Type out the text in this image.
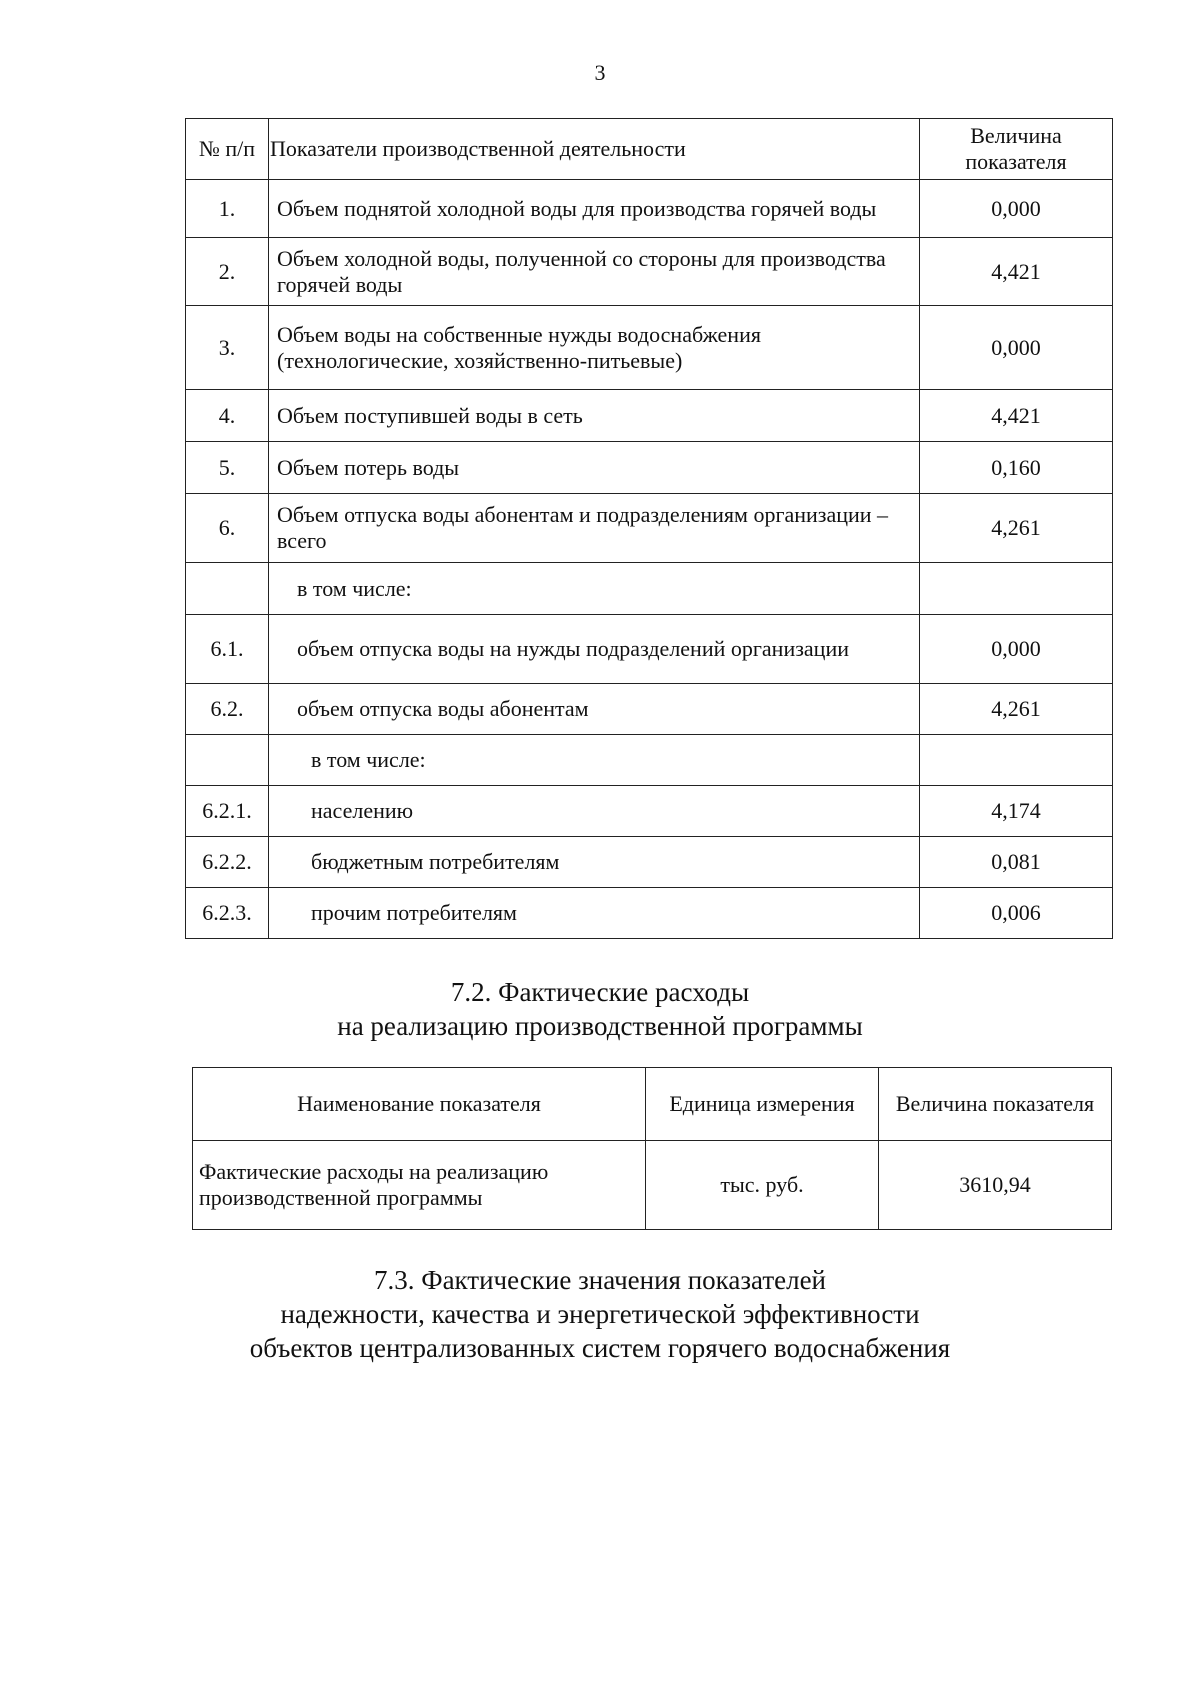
3
№ п/п	Показатели производственной деятельности	Величина показателя
1.	Объем поднятой холодной воды для производства горячей воды	0,000
2.	Объем холодной воды, полученной со стороны для производства горячей воды	4,421
3.	Объем воды на собственные нужды водоснабжения (технологические, хозяйственно-питьевые)	0,000
4.	Объем поступившей воды в сеть	4,421
5.	Объем потерь воды	0,160
6.	Объем отпуска воды абонентам и подразделениям организации – всего	4,261
	в том числе:	
6.1.	объем отпуска воды на нужды подразделений организации	0,000
6.2.	объем отпуска воды абонентам	4,261
	в том числе:	
6.2.1.	населению	4,174
6.2.2.	бюджетным потребителям	0,081
6.2.3.	прочим потребителям	0,006
7.2. Фактические расходы
на реализацию производственной программы
Наименование показателя	Единица измерения	Величина показателя
Фактические расходы на реализацию производственной программы	тыс. руб.	3610,94
7.3. Фактические значения показателей
надежности, качества и энергетической эффективности
объектов централизованных систем горячего водоснабжения
